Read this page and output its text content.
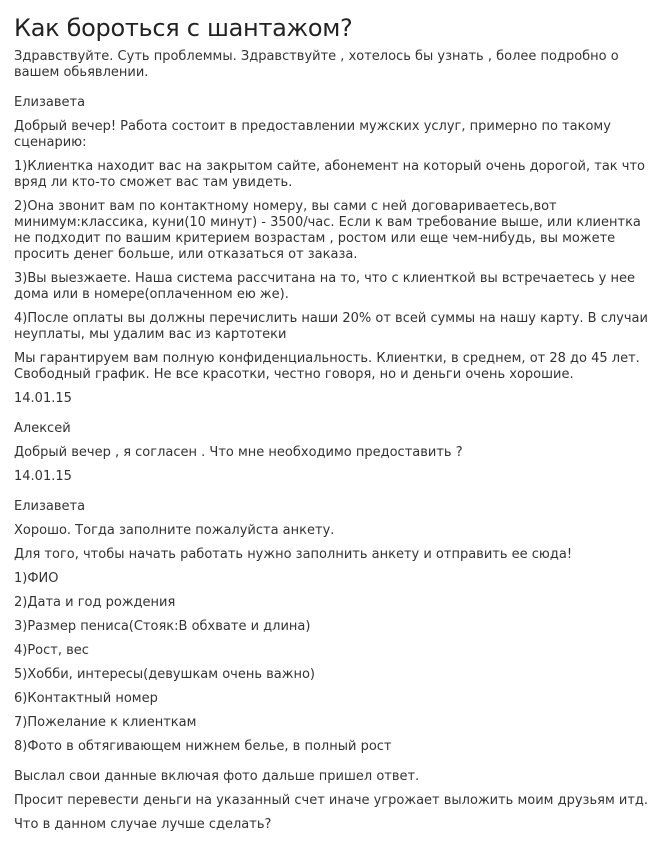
Как бороться с шантажом?

Здравствуйте. Суть проблеммы. Здравствуйте , хотелось бы узнать , более подробно о вашем обьявлении.

Елизавета

Добрый вечер! Работа состоит в предоставлении мужских услуг, примерно по такому сценарию:

1)Клиентка находит вас на закрытом сайте, абонемент на который очень дорогой, так что вряд ли кто-то сможет вас там увидеть.

2)Она звонит вам по контактному номеру, вы сами с ней договариваетесь,вот минимум:классика, куни(10 минут) - 3500/час. Если к вам требование выше, или клиентка не подходит по вашим критерием возрастам , ростом или еще чем-нибудь, вы можете просить денег больше, или отказаться от заказа.

3)Вы выезжаете. Наша система рассчитана на то, что с клиенткой вы встречаетесь у нее дома или в номере(оплаченном ею же).

4)После оплаты вы должны перечислить наши 20% от всей суммы на нашу карту. В случаи неуплаты, мы удалим вас из картотеки

Мы гарантируем вам полную конфиденциальность. Клиентки, в среднем, от 28 до 45 лет. Свободный график. Не все красотки, честно говоря, но и деньги очень хорошие.

14.01.15

Алексей

Добрый вечер , я согласен . Что мне необходимо предоставить ?

14.01.15

Елизавета

Хорошо. Тогда заполните пожалуйста анкету.

Для того, чтобы начать работать нужно заполнить анкету и отправить ее сюда!

1)ФИО

2)Дата и год рождения

3)Размер пениса(Стояк:В обхвате и длина)

4)Рост, вес

5)Хобби, интересы(девушкам очень важно)

6)Контактный номер

7)Пожелание к клиенткам

8)Фото в обтягивающем нижнем белье, в полный рост

Выслал свои данные включая фото дальше пришел ответ.

Просит перевести деньги на указанный счет иначе угрожает выложить моим друзьям итд.

Что в данном случае лучше сделать?
